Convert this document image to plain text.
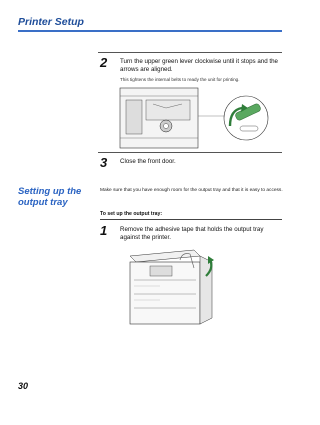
Printer Setup
2 Turn the upper green lever clockwise until it stops and the arrows are aligned.
This tightens the internal belts to ready the unit for printing.
3 Close the front door.
Setting up the output tray
Make sure that you have enough room for the output tray and that it is easy to access.
To set up the output tray:
1 Remove the adhesive tape that holds the output tray against the printer.
30
